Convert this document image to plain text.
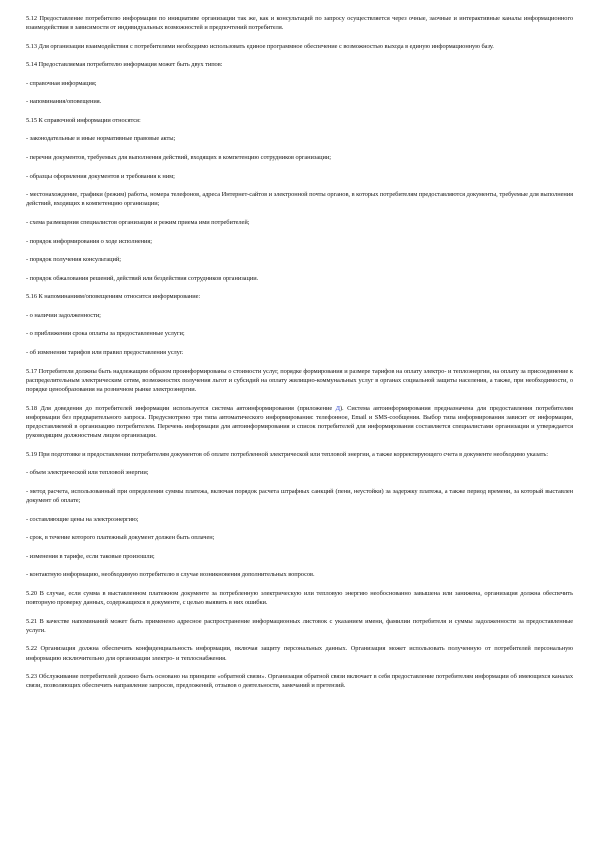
5.12 Предоставление потребителю информации по инициативе организации так же, как и консультаций по запросу осуществляется через очные, заочные и интерактивные каналы информационного взаимодействия в зависимости от индивидуальных возможностей и предпочтений потребителя.

5.13 Для организации взаимодействия с потребителями необходимо использовать единое программное обеспечение с возможностью выхода в единую информационную базу.

5.14 Предоставляемая потребителю информация может быть двух типов:

- справочная информация;

- напоминания/оповещения.

5.15 К справочной информации относятся:

- законодательные и иные нормативные правовые акты;

- перечни документов, требуемых для выполнения действий, входящих в компетенцию сотрудников организации;

- образцы оформления документов и требования к ним;

- местонахождение, графики (режим) работы, номера телефонов, адреса Интернет-сайтов и электронной почты органов, в которых потребителям предоставляются документы, требуемые для выполнения действий, входящих в компетенцию организации;

- схема размещения специалистов организации и режим приема ими потребителей;

- порядок информирования о ходе исполнения;

- порядок получения консультаций;

- порядок обжалования решений, действий или бездействия сотрудников организации.

5.16 К напоминаниям/оповещениям относится информирование:

- о наличии задолженности;

- о приближении срока оплаты за предоставленные услуги;

- об изменении тарифов или правил предоставления услуг.

5.17 Потребители должны быть надлежащим образом проинформированы о стоимости услуг, порядке формирования и размере тарифов на оплату электро- и теплоэнергии, на оплату за присоединение к распределительным электрическим сетям, возможностях получения льгот и субсидий на оплату жилищно-коммунальных услуг в органах социальной защиты населения, а также, при необходимости, о порядке ценообразования на розничном рынке электроэнергии.

5.18 Для доведения до потребителей информации используется система автоинформирования (приложение Д). Система автоинформирования предназначена для предоставления потребителям информации без предварительного запроса. Предусмотрено три типа автоматического информирования: телефонное, Email и SMS-сообщения. Выбор типа информирования зависит от информации, предоставляемой в организацию потребителем. Перечень информации для автоинформирования и список потребителей для информирования составляется специалистами организации и утверждается руководящим должностным лицом организации.

5.19 При подготовке и предоставлении потребителям документов об оплате потребленной электрической или тепловой энергии, а также корректирующего счета в документе необходимо указать:

- объем электрической или тепловой энергии;

- метод расчета, использованный при определении суммы платежа, включая порядок расчета штрафных санкций (пени, неустойки) за задержку платежа, а также период времени, за который выставлен документ об оплате;

- составляющие цены на электроэнергию;

- срок, в течение которого платежный документ должен быть оплачен;

- изменения в тарифе, если таковые произошли;

- контактную информацию, необходимую потребителю в случае возникновения дополнительных вопросов.

5.20 В случае, если сумма в выставленном платежном документе за потребленную электрическую или тепловую энергию необоснованно завышена или занижена, организация должна обеспечить повторную проверку данных, содержащихся в документе, с целью выявить в них ошибки.

5.21 В качестве напоминаний может быть применено адресное распространение информационных листовок с указанием имени, фамилии потребителя и суммы задолженности за предоставленные услуги.

5.22 Организация должна обеспечить конфиденциальность информации, включая защиту персональных данных. Организация может использовать полученную от потребителей персональную информацию исключительно для организации электро- и теплоснабжения.

5.23 Обслуживание потребителей должно быть основано на принципе «обратной связи». Организация обратной связи включает в себя предоставление потребителям информации об имеющихся каналах связи, позволяющих обеспечить направление запросов, предложений, отзывов о деятельности, замечаний и претензий.
